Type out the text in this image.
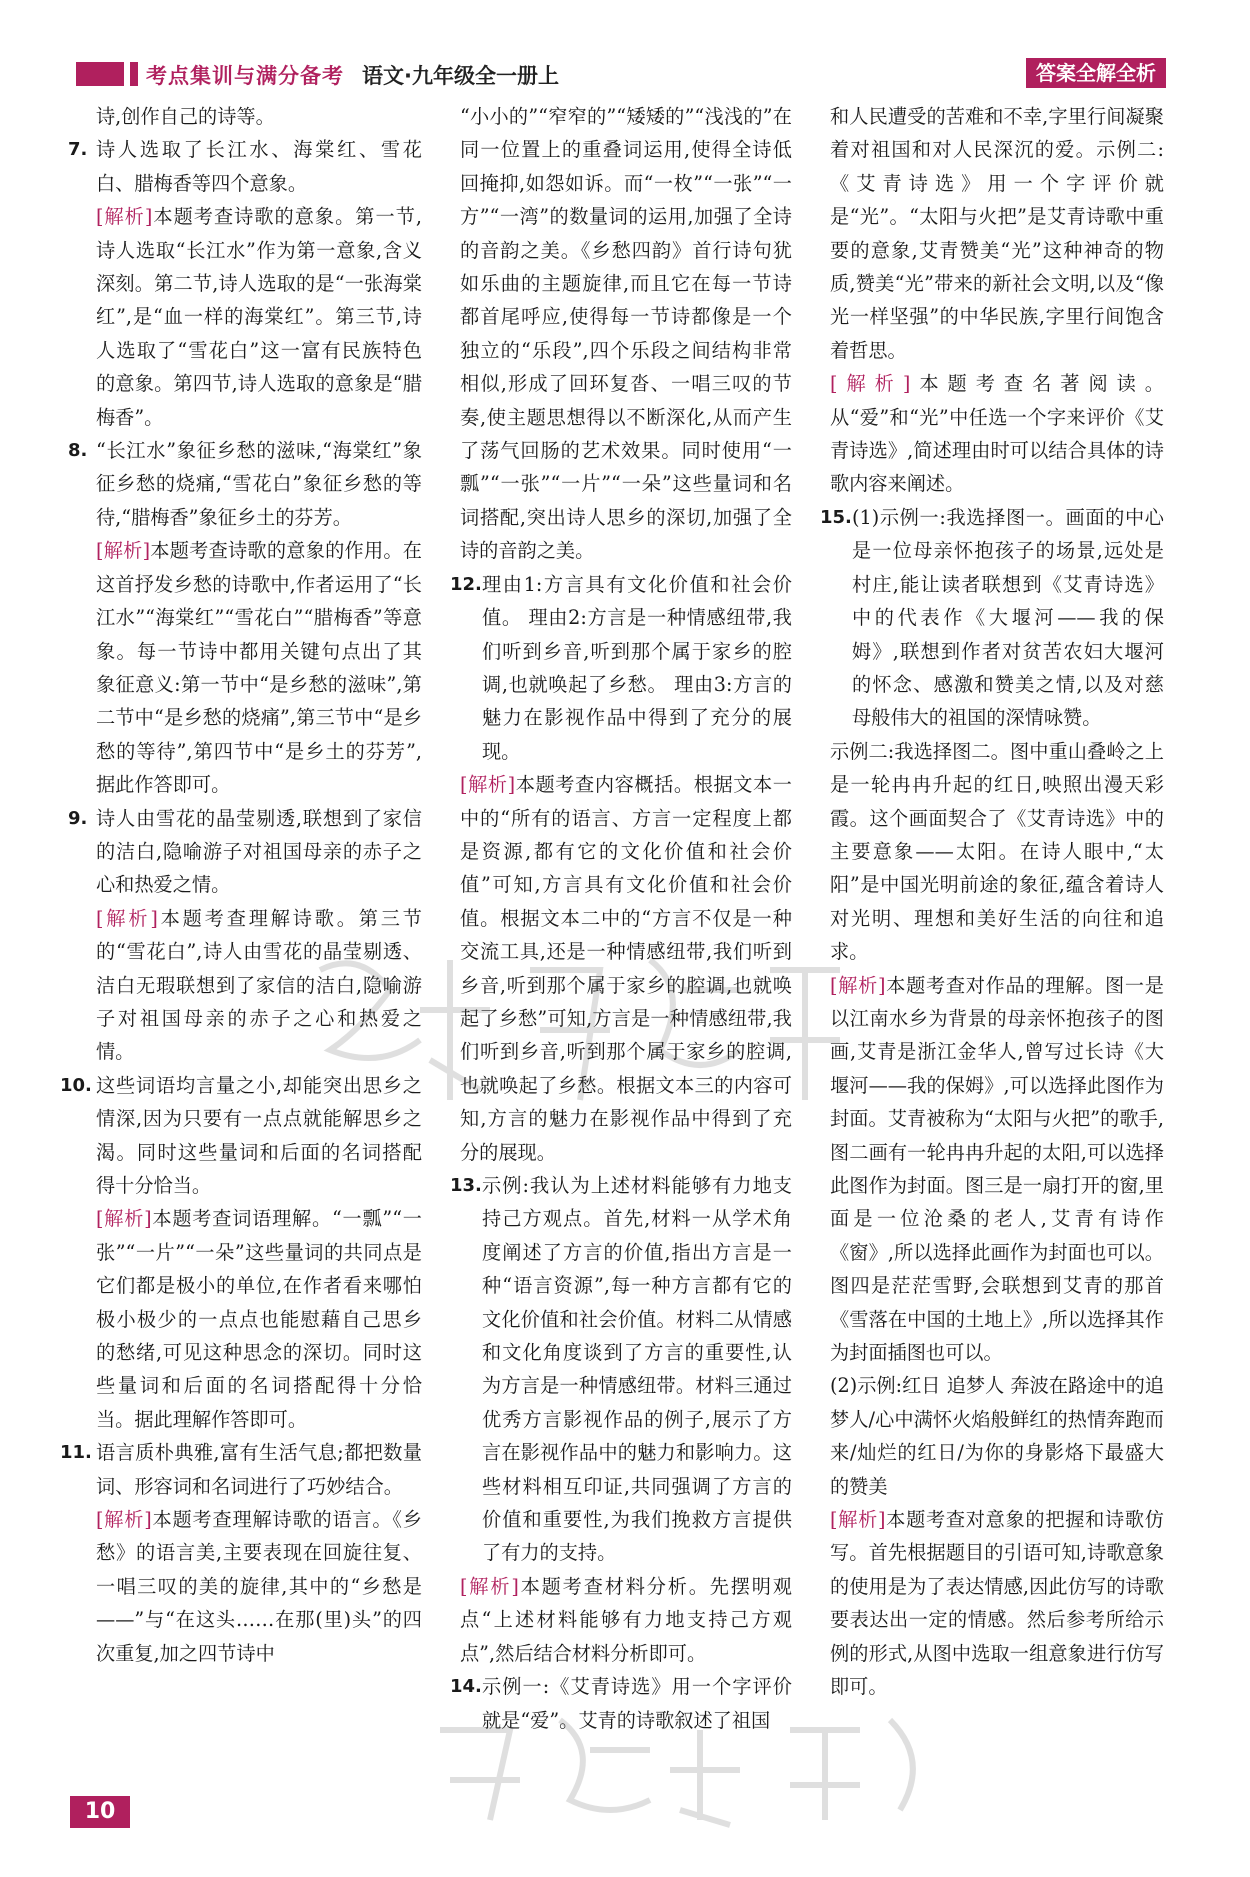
考点集训与满分备考 语文·九年级全一册上	答案全解全析
诗,创作自己的诗等。
7. 诗人选取了长江水、海棠红、雪花白、腊梅香等四个意象。
[解析]本题考查诗歌的意象。第一节,诗人选取“长江水”作为第一意象,含义深刻。第二节,诗人选取的是“一张海棠红”,是“血一样的海棠红”。第三节,诗人选取了“雪花白”这一富有民族特色的意象。第四节,诗人选取的意象是“腊梅香”。
8. “长江水”象征乡愁的滋味,“海棠红”象征乡愁的烧痛,“雪花白”象征乡愁的等待,“腊梅香”象征乡土的芬芳。
[解析]本题考查诗歌的意象的作用。在这首抒发乡愁的诗歌中,作者运用了“长江水”“海棠红”“雪花白”“腊梅香”等意象。每一节诗中都用关键句点出了其象征意义:第一节中“是乡愁的滋味”,第二节中“是乡愁的烧痛”,第三节中“是乡愁的等待”,第四节中“是乡土的芬芳”,据此作答即可。
9. 诗人由雪花的晶莹剔透,联想到了家信的洁白,隐喻游子对祖国母亲的赤子之心和热爱之情。
[解析]本题考查理解诗歌。第三节的“雪花白”,诗人由雪花的晶莹剔透、洁白无瑕联想到了家信的洁白,隐喻游子对祖国母亲的赤子之心和热爱之情。
10. 这些词语均言量之小,却能突出思乡之情深,因为只要有一点点就能解思乡之渴。同时这些量词和后面的名词搭配得十分恰当。
[解析]本题考查词语理解。“一瓢”“一张”“一片”“一朵”这些量词的共同点是它们都是极小的单位,在作者看来哪怕极小极少的一点点也能慰藉自己思乡的愁绪,可见这种思念的深切。同时这些量词和后面的名词搭配得十分恰当。据此理解作答即可。
11. 语言质朴典雅,富有生活气息;都把数量词、形容词和名词进行了巧妙结合。
[解析]本题考查理解诗歌的语言。《乡愁》的语言美,主要表现在回旋往复、一唱三叹的美的旋律,其中的“乡愁是——”与“在这头……在那(里)头”的四次重复,加之四节诗中
“小小的”“窄窄的”“矮矮的”“浅浅的”在同一位置上的重叠词运用,使得全诗低回掩抑,如怨如诉。而“一枚”“一张”“一方”“一湾”的数量词的运用,加强了全诗的音韵之美。《乡愁四韵》首行诗句犹如乐曲的主题旋律,而且它在每一节诗都首尾呼应,使得每一节诗都像是一个独立的“乐段”,四个乐段之间结构非常相似,形成了回环复沓、一唱三叹的节奏,使主题思想得以不断深化,从而产生了荡气回肠的艺术效果。同时使用“一瓢”“一张”“一片”“一朵”这些量词和名词搭配,突出诗人思乡的深切,加强了全诗的音韵之美。
12. 理由1:方言具有文化价值和社会价值。 理由2:方言是一种情感纽带,我们听到乡音,听到那个属于家乡的腔调,也就唤起了乡愁。 理由3:方言的魅力在影视作品中得到了充分的展现。
[解析]本题考查内容概括。根据文本一中的“所有的语言、方言一定程度上都是资源,都有它的文化价值和社会价值”可知,方言具有文化价值和社会价值。根据文本二中的“方言不仅是一种交流工具,还是一种情感纽带,我们听到乡音,听到那个属于家乡的腔调,也就唤起了乡愁”可知,方言是一种情感纽带,我们听到乡音,听到那个属于家乡的腔调,也就唤起了乡愁。根据文本三的内容可知,方言的魅力在影视作品中得到了充分的展现。
13. 示例:我认为上述材料能够有力地支持己方观点。首先,材料一从学术角度阐述了方言的价值,指出方言是一种“语言资源”,每一种方言都有它的文化价值和社会价值。材料二从情感和文化角度谈到了方言的重要性,认为方言是一种情感纽带。材料三通过优秀方言影视作品的例子,展示了方言在影视作品中的魅力和影响力。这些材料相互印证,共同强调了方言的价值和重要性,为我们挽救方言提供了有力的支持。
[解析]本题考查材料分析。先摆明观点“上述材料能够有力地支持己方观点”,然后结合材料分析即可。
14. 示例一:《艾青诗选》用一个字评价就是“爱”。艾青的诗歌叙述了祖国
和人民遭受的苦难和不幸,字里行间凝聚着对祖国和对人民深沉的爱。示例二:《艾青诗选》用一个字评价就是“光”。“太阳与火把”是艾青诗歌中重要的意象,艾青赞美“光”这种神奇的物质,赞美“光”带来的新社会文明,以及“像光一样坚强”的中华民族,字里行间饱含着哲思。
[解析]本题考查名著阅读。从“爱”和“光”中任选一个字来评价《艾青诗选》,简述理由时可以结合具体的诗歌内容来阐述。
15. (1)示例一:我选择图一。画面的中心是一位母亲怀抱孩子的场景,远处是村庄,能让读者联想到《艾青诗选》中的代表作《大堰河——我的保姆》,联想到作者对贫苦农妇大堰河的怀念、感激和赞美之情,以及对慈母般伟大的祖国的深情咏赞。
示例二:我选择图二。图中重山叠岭之上是一轮冉冉升起的红日,映照出漫天彩霞。这个画面契合了《艾青诗选》中的主要意象——太阳。在诗人眼中,“太阳”是中国光明前途的象征,蕴含着诗人对光明、理想和美好生活的向往和追求。
[解析]本题考查对作品的理解。图一是以江南水乡为背景的母亲怀抱孩子的图画,艾青是浙江金华人,曾写过长诗《大堰河——我的保姆》,可以选择此图作为封面。艾青被称为“太阳与火把”的歌手,图二画有一轮冉冉升起的太阳,可以选择此图作为封面。图三是一扇打开的窗,里面是一位沧桑的老人,艾青有诗作《窗》,所以选择此画作为封面也可以。图四是茫茫雪野,会联想到艾青的那首《雪落在中国的土地上》,所以选择其作为封面插图也可以。
(2)示例:红日 追梦人 奔波在路途中的追梦人/心中满怀火焰般鲜红的热情奔跑而来/灿烂的红日/为你的身影烙下最盛大的赞美
[解析]本题考查对意象的把握和诗歌仿写。首先根据题目的引语可知,诗歌意象的使用是为了表达情感,因此仿写的诗歌要表达出一定的情感。然后参考所给示例的形式,从图中选取一组意象进行仿写即可。
10
